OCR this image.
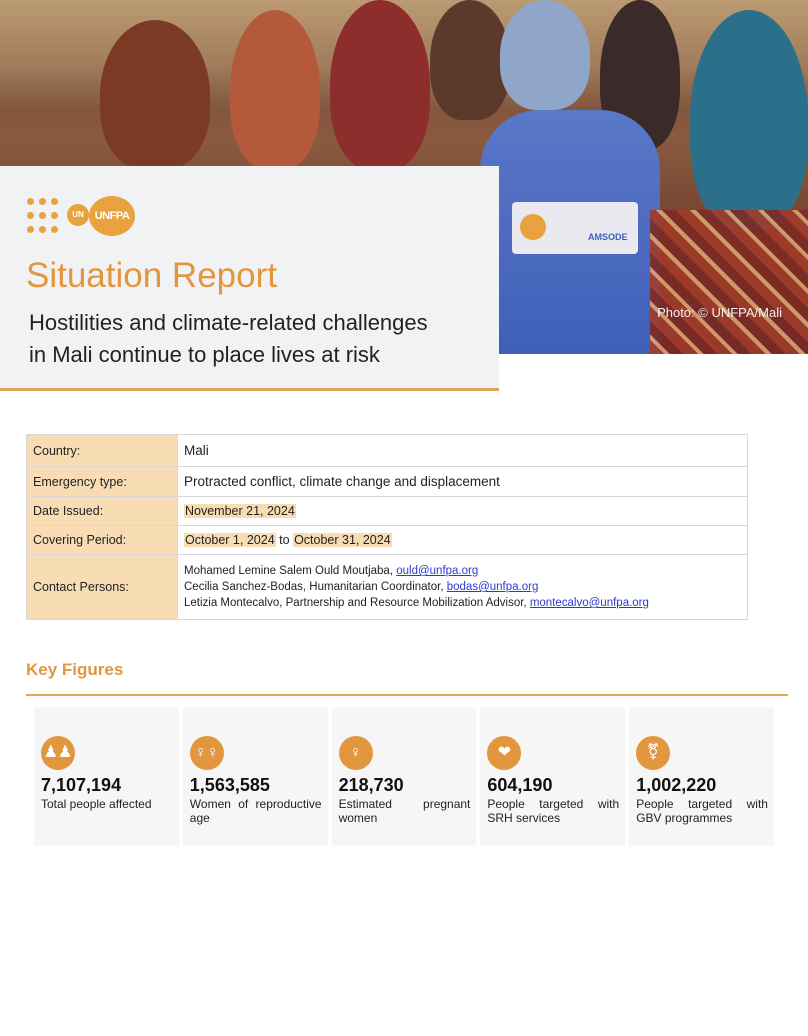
AMSODE
Photo: © UNFPA/Mali
UN UNFPA
Situation Report
Hostilities and climate-related challenges
in Mali continue to place lives at risk
Country:	Mali
Emergency type:	Protracted conflict, climate change and displacement
Date Issued:	November 21, 2024
Covering Period:	October 1, 2024 to October 31, 2024
Contact Persons:	Mohamed Lemine Salem Ould Moutjaba, ould@unfpa.org
Cecilia Sanchez-Bodas, Humanitarian Coordinator, bodas@unfpa.org
Letizia Montecalvo, Partnership and Resource Mobilization Advisor, montecalvo@unfpa.org
Key Figures
♟♟
7,107,194
Total people affected
♀♀
1,563,585
Women of reproductive age
♀
218,730
Estimated pregnant women
❤
604,190
People targeted with SRH services
⚧
1,002,220
People targeted with GBV programmes
